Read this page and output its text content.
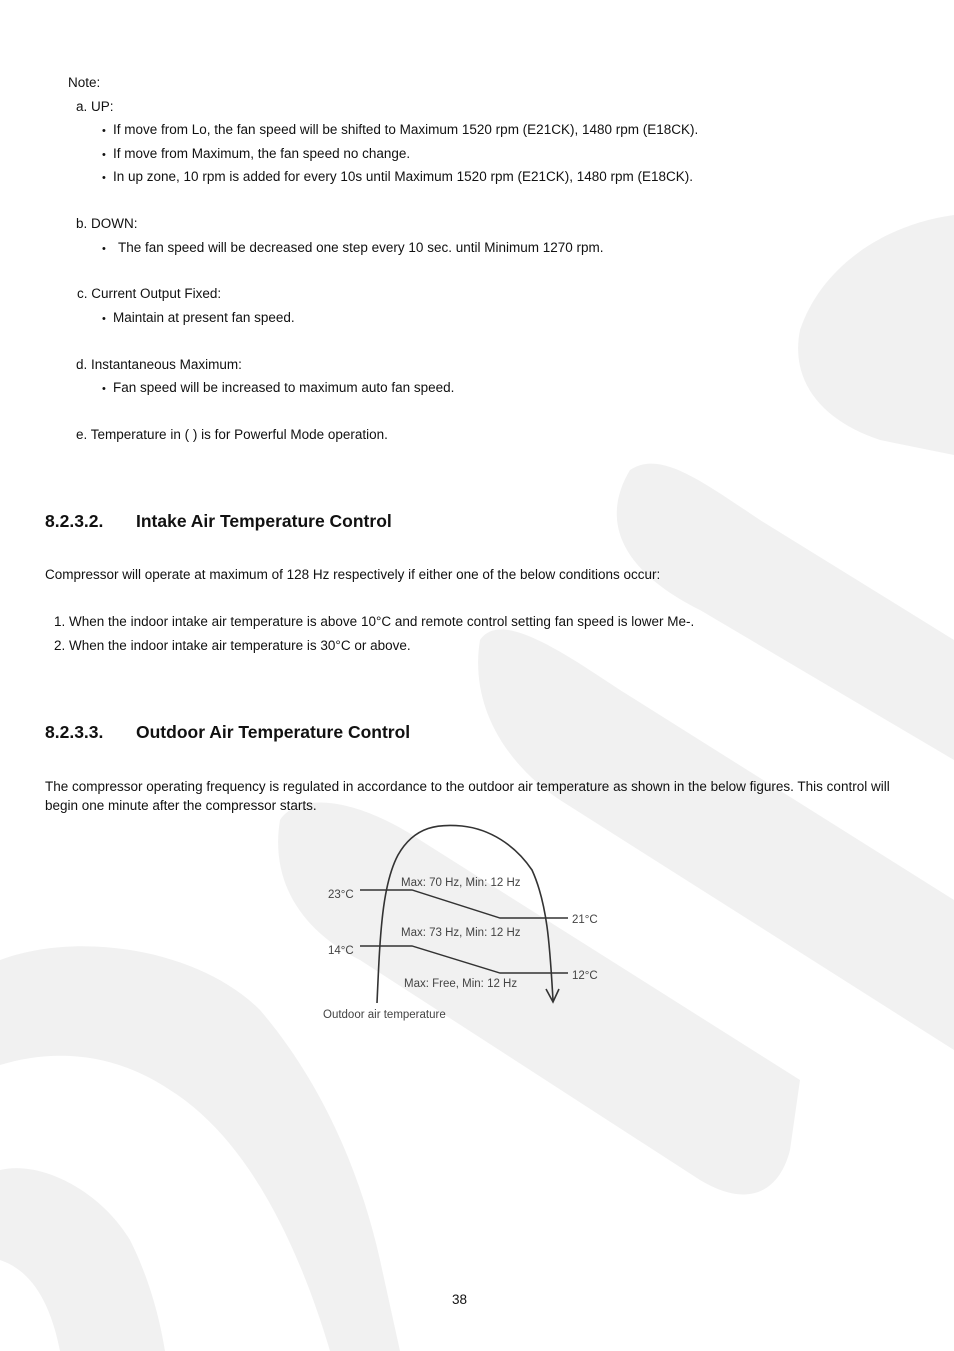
Note:
a. UP:
• If move from Lo, the fan speed will be shifted to Maximum 1520 rpm (E21CK), 1480 rpm (E18CK).
• If move from Maximum, the fan speed no change.
• In up zone, 10 rpm is added for every 10s until Maximum 1520 rpm (E21CK), 1480 rpm (E18CK).
b. DOWN:
• The fan speed will be decreased one step every 10 sec. until Minimum 1270 rpm.
c. Current Output Fixed:
• Maintain at present fan speed.
d. Instantaneous Maximum:
• Fan speed will be increased to maximum auto fan speed.
e. Temperature in ( ) is for Powerful Mode operation.
8.2.3.2. Intake Air Temperature Control
Compressor will operate at maximum of 128 Hz respectively if either one of the below conditions occur:
1. When the indoor intake air temperature is above 10°C and remote control setting fan speed is lower Me-.
2. When the indoor intake air temperature is 30°C or above.
8.2.3.3. Outdoor Air Temperature Control
The compressor operating frequency is regulated in accordance to the outdoor air temperature as shown in the below figures. This control will begin one minute after the compressor starts.
23°C
14°C
21°C
12°C
Max: 70 Hz, Min: 12 Hz
Max: 73 Hz, Min: 12 Hz
Max: Free, Min: 12 Hz
Outdoor air temperature
38
